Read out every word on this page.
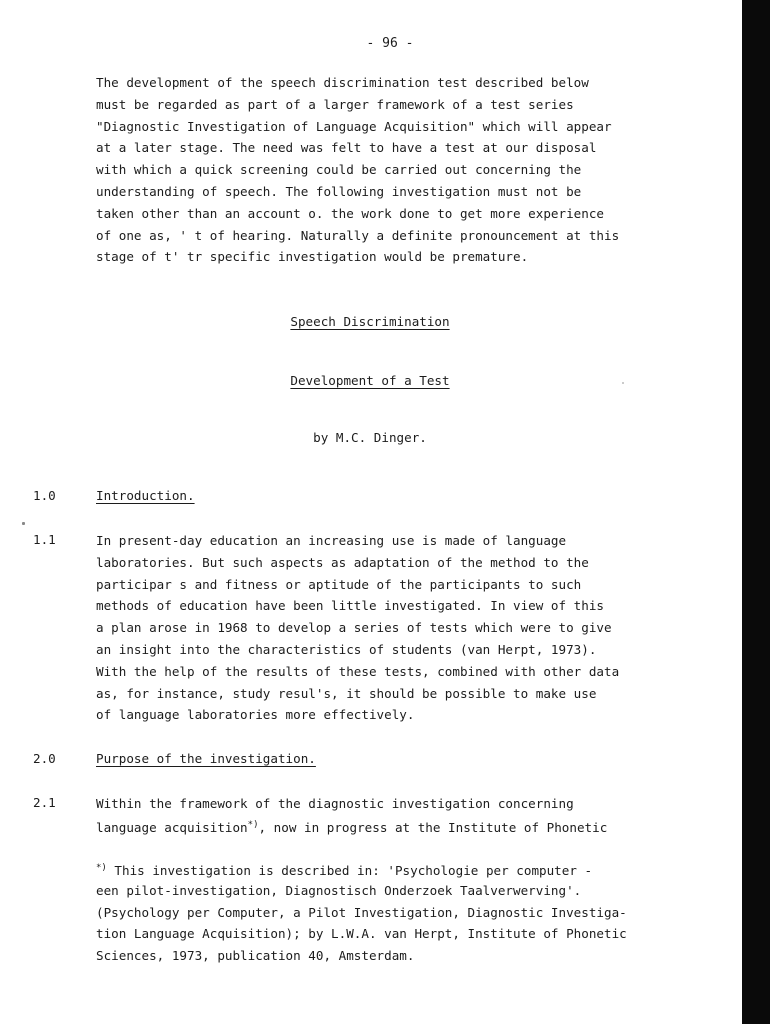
- 96 -
The development of the speech discrimination test described below
must be regarded as part of a larger framework of a test series
"Diagnostic Investigation of Language Acquisition" which will appear
at a later stage. The need was felt to have a test at our disposal
with which a quick screening could be carried out concerning the
understanding of speech. The following investigation must not be
taken other than an account o. the work done to get more experience
of one as, ' t of hearing. Naturally a definite pronouncement at this
stage of t' tr specific investigation would be premature.
Speech Discrimination
Development of a Test
by M.C. Dinger.
1.0	Introduction.
1.1	In present-day education an increasing use is made of language
laboratories. But such aspects as adaptation of the method to the
participar s and fitness or aptitude of the participants to such
methods of education have been little investigated. In view of this
a plan arose in 1968 to develop a series of tests which were to give
an insight into the characteristics of students (van Herpt, 1973).
With the help of the results of these tests, combined with other data
as, for instance, study resul's, it should be possible to make use
of language laboratories more effectively.
2.0	Purpose of the investigation.
2.1	Within the framework of the diagnostic investigation concerning
language acquisition*), now in progress at the Institute of Phonetic
*) This investigation is described in: 'Psychologie per computer -
een pilot-investigation, Diagnostisch Onderzoek Taalverwerving'.
(Psychology per Computer, a Pilot Investigation, Diagnostic Investiga-
tion Language Acquisition); by L.W.A. van Herpt, Institute of Phonetic
Sciences, 1973, publication 40, Amsterdam.
